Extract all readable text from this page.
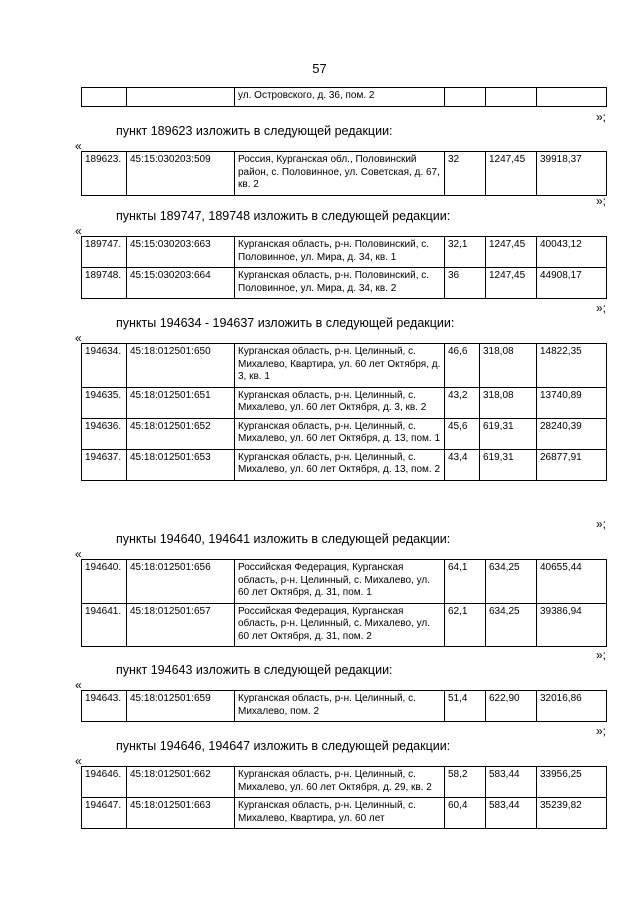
57
		ул. Островского, д. 36, пом. 2			
»;
пункт 189623 изложить в следующей редакции:
«
189623.	45:15:030203:509	Россия, Курганская обл., Половинский район, с. Половинное, ул. Советская, д. 67, кв. 2	32	1247,45	39918,37
»;
пункты 189747, 189748 изложить в следующей редакции:
«
189747.	45:15:030203:663	Курганская область, р-н. Половинский, с. Половинное, ул. Мира, д. 34, кв. 1	32,1	1247,45	40043,12
189748.	45:15:030203:664	Курганская область, р-н. Половинский, с. Половинное, ул. Мира, д. 34, кв. 2	36	1247,45	44908,17
»;
пункты 194634 - 194637 изложить в следующей редакции:
«
194634.	45:18:012501:650	Курганская область, р-н. Целинный, с. Михалево, Квартира, ул. 60 лет Октября, д. 3, кв. 1	46,6	318,08	14822,35
194635.	45:18:012501:651	Курганская область, р-н. Целинный, с. Михалево, ул. 60 лет Октября, д. 3, кв. 2	43,2	318,08	13740,89
194636.	45:18:012501:652	Курганская область, р-н. Целинный, с. Михалево, ул. 60 лет Октября, д. 13, пом. 1	45,6	619,31	28240,39
194637.	45:18:012501:653	Курганская область, р-н. Целинный, с. Михалево, ул. 60 лет Октября, д. 13, пом. 2	43,4	619,31	26877,91
»;
пункты 194640, 194641 изложить в следующей редакции:
«
194640.	45:18:012501:656	Российская Федерация, Курганская область, р-н. Целинный, с. Михалево, ул. 60 лет Октября, д. 31, пом. 1	64,1	634,25	40655,44
194641.	45:18:012501:657	Российская Федерация, Курганская область, р-н. Целинный, с. Михалево, ул. 60 лет Октября, д. 31, пом. 2	62,1	634,25	39386,94
»;
пункт 194643 изложить в следующей редакции:
«
194643.	45:18:012501:659	Курганская область, р-н. Целинный, с. Михалево, пом. 2	51,4	622,90	32016,86
»;
пункты 194646, 194647 изложить в следующей редакции:
«
194646.	45:18:012501:662	Курганская область, р-н. Целинный, с. Михалево, ул. 60 лет Октября, д. 29, кв. 2	58,2	583,44	33956,25
194647.	45:18:012501:663	Курганская область, р-н. Целинный, с. Михалево, Квартира, ул. 60 лет	60,4	583,44	35239,82
